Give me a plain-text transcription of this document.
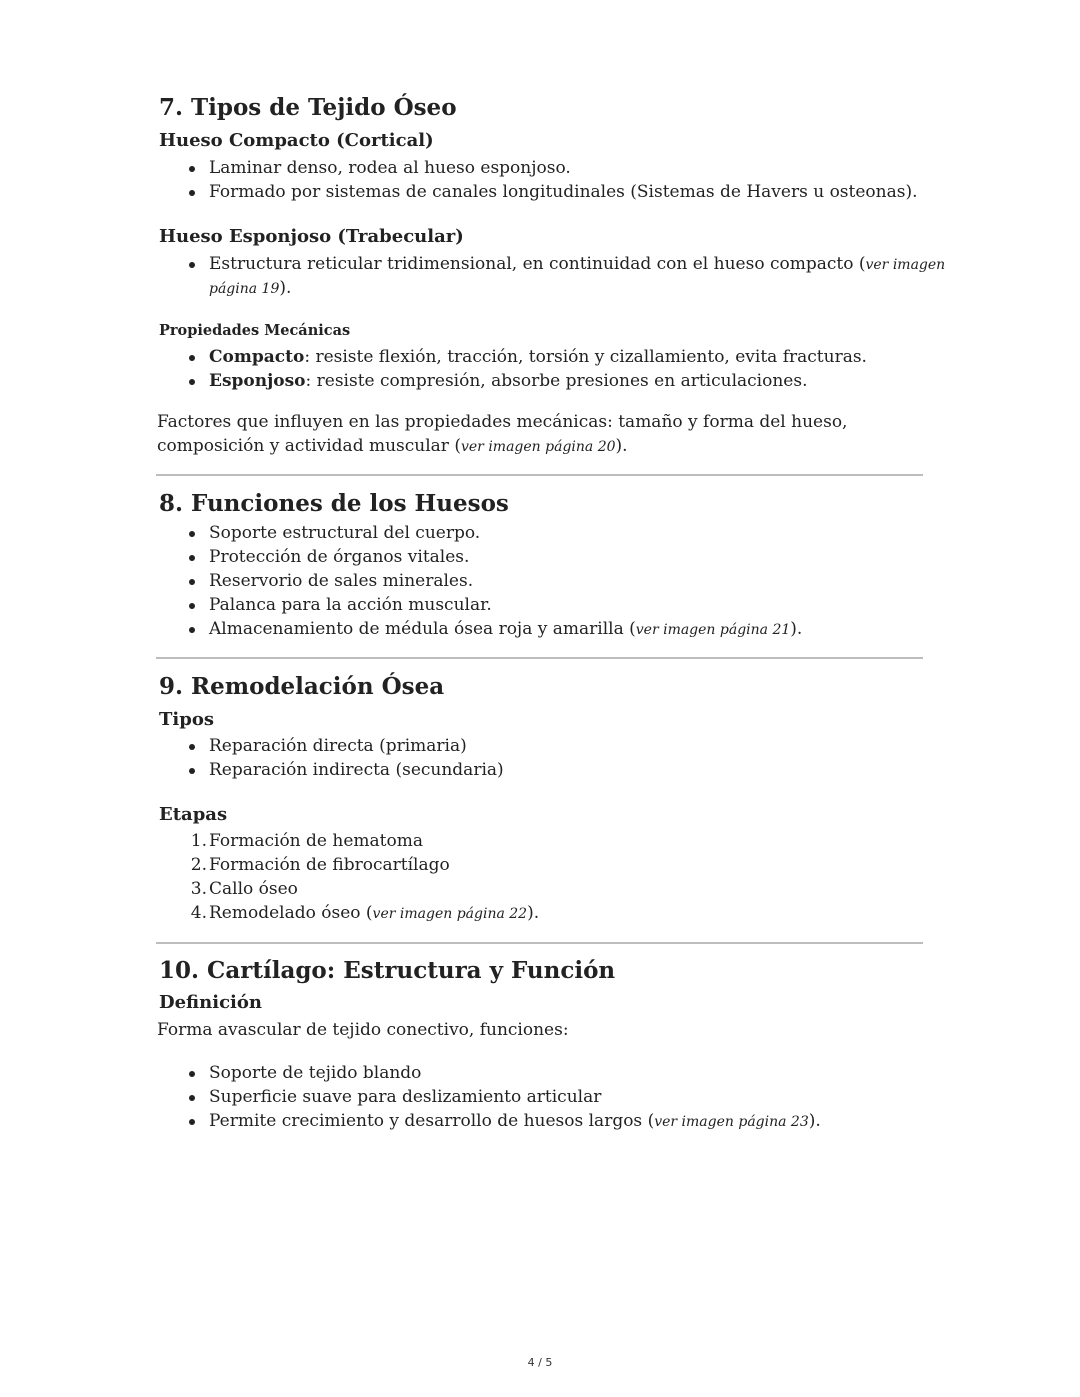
7. Tipos de Tejido Óseo
Hueso Compacto (Cortical)
Laminar denso, rodea al hueso esponjoso.
Formado por sistemas de canales longitudinales (Sistemas de Havers u osteonas).
Hueso Esponjoso (Trabecular)
Estructura reticular tridimensional, en continuidad con el hueso compacto (ver imagen
página 19).
Propiedades Mecánicas
Compacto: resiste flexión, tracción, torsión y cizallamiento, evita fracturas.
Esponjoso: resiste compresión, absorbe presiones en articulaciones.
Factores que influyen en las propiedades mecánicas: tamaño y forma del hueso,
composición y actividad muscular (ver imagen página 20).
8. Funciones de los Huesos
Soporte estructural del cuerpo.
Protección de órganos vitales.
Reservorio de sales minerales.
Palanca para la acción muscular.
Almacenamiento de médula ósea roja y amarilla (ver imagen página 21).
9. Remodelación Ósea
Tipos
Reparación directa (primaria)
Reparación indirecta (secundaria)
Etapas
1. Formación de hematoma
2. Formación de fibrocartílago
3. Callo óseo
4. Remodelado óseo (ver imagen página 22).
10. Cartílago: Estructura y Función
Definición
Forma avascular de tejido conectivo, funciones:
Soporte de tejido blando
Superficie suave para deslizamiento articular
Permite crecimiento y desarrollo de huesos largos (ver imagen página 23).
4 / 5
